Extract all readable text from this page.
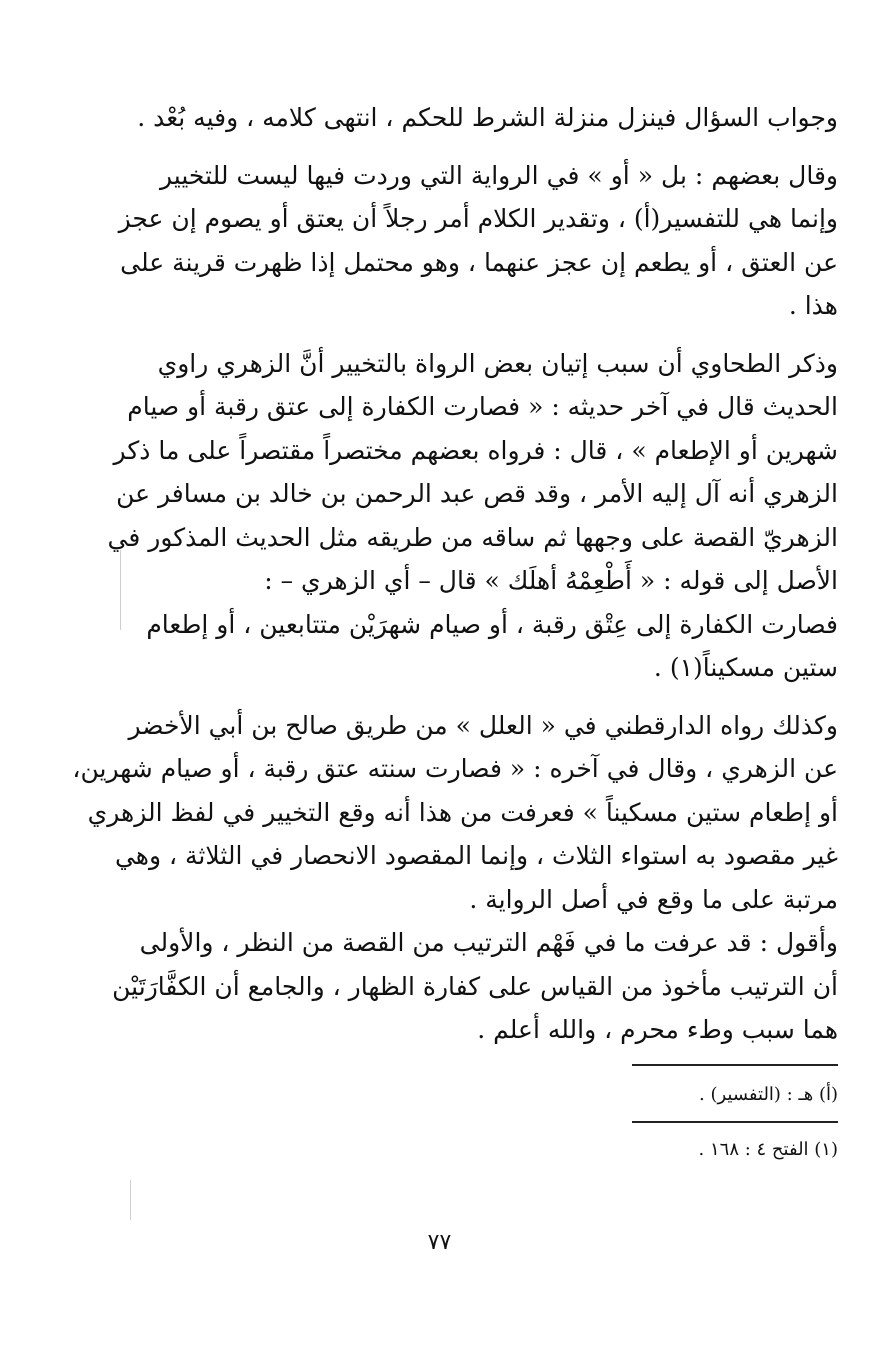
وجواب السؤال فينزل منزلة الشرط للحكم ، انتهى كلامه ، وفيه بُعْد .
وقال بعضهم : بل « أو » في الرواية التي وردت فيها ليست للتخيير
وإنما هي للتفسير(أ) ، وتقدير الكلام أمر رجلاً أن يعتق أو يصوم إن عجز
عن العتق ، أو يطعم إن عجز عنهما ، وهو محتمل إذا ظهرت قرينة على
هذا .
وذكر الطحاوي أن سبب إتيان بعض الرواة بالتخيير أنَّ الزهري راوي
الحديث قال في آخر حديثه : « فصارت الكفارة إلى عتق رقبة أو صيام
شهرين أو الإطعام » ، قال : فرواه بعضهم مختصراً مقتصراً على ما ذكر
الزهري أنه آل إليه الأمر ، وقد قص عبد الرحمن بن خالد بن مسافر عن
الزهريّ القصة على وجهها ثم ساقه من طريقه مثل الحديث المذكور في
الأصل إلى قوله : « أَطْعِمْهُ أهلَك » قال – أي الزهري – :
فصارت الكفارة إلى عِتْق رقبة ، أو صيام شهرَيْن متتابعين ، أو إطعام
ستين مسكيناً(١) .
وكذلك رواه الدارقطني في « العلل » من طريق صالح بن أبي الأخضر
عن الزهري ، وقال في آخره : « فصارت سنته عتق رقبة ، أو صيام شهرين،
أو إطعام ستين مسكيناً » فعرفت من هذا أنه وقع التخيير في لفظ الزهري
غير مقصود به استواء الثلاث ، وإنما المقصود الانحصار في الثلاثة ، وهي
مرتبة على ما وقع في أصل الرواية .
وأقول : قد عرفت ما في فَهْم الترتيب من القصة من النظر ، والأولى
أن الترتيب مأخوذ من القياس على كفارة الظهار ، والجامع أن الكفَّارَتَيْن
هما سبب وطء محرم ، والله أعلم .
(أ) هـ : (التفسير) .
(١) الفتح ٤ : ١٦٨ .
٧٧
